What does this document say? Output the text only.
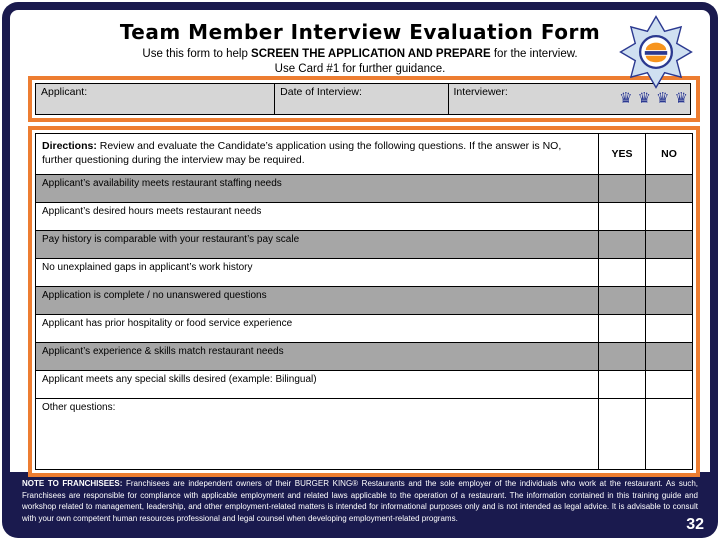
Team Member Interview Evaluation Form
Use this form to help SCREEN THE APPLICATION AND PREPARE for the interview.
Use Card #1 for further guidance.
♛♛♛♛
Applicant:	Date of Interview:	Interviewer:
Directions: Review and evaluate the Candidate’s application using the following questions. If the answer is NO, further questioning during the interview may be required.	YES	NO
Applicant’s availability meets restaurant staffing needs
Applicant’s desired hours meets restaurant needs
Pay history is comparable with your restaurant’s pay scale
No unexplained gaps in applicant’s work history
Application is complete / no unanswered questions
Applicant has prior hospitality or food service experience
Applicant’s experience & skills match restaurant needs
Applicant meets any special skills desired (example: Bilingual)
Other questions:
NOTE TO FRANCHISEES: Franchisees are independent owners of their BURGER KING® Restaurants and the sole employer of the individuals who work at the restaurant. As such, Franchisees are responsible for compliance with applicable employment and related laws applicable to the operation of a restaurant. The information contained in this training guide and workshop related to management, leadership, and other employment-related matters is intended for informational purposes only and is not intended as legal advice. It is advisable to consult with your own competent human resources professional and legal counsel when developing employment-related programs.	32
